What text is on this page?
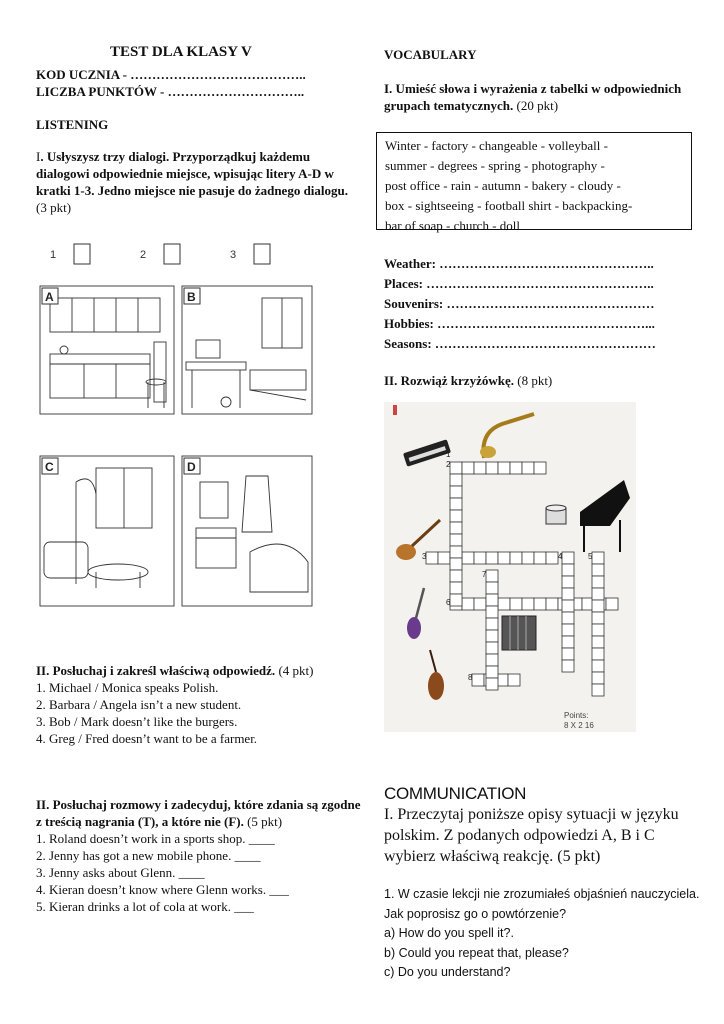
TEST DLA KLASY V
KOD UCZNIA - …………………………………..
LICZBA PUNKTÓW - …………………………..
LISTENING
I. Usłyszysz trzy dialogi. Przyporządkuj każdemu dialogowi odpowiednie miejsce, wpisując litery A-D w kratki 1-3. Jedno miejsce nie pasuje do żadnego dialogu. (3 pkt)
1	2	3
A	B
C	D
II. Posłuchaj i zakreśl właściwą odpowiedź. (4 pkt)
1. Michael / Monica speaks Polish.
2. Barbara / Angela isn’t a new student.
3. Bob / Mark doesn’t like the burgers.
4. Greg / Fred doesn’t want to be a farmer.
II. Posłuchaj rozmowy i zadecyduj, które zdania są zgodne z treścią nagrania (T), a które nie (F). (5 pkt)
1. Roland doesn’t work in a sports shop. ____
2. Jenny has got a new mobile phone. ____
3. Jenny asks about Glenn. ____
4. Kieran doesn’t know where Glenn works. ___
5. Kieran drinks a lot of cola at work. ___
VOCABULARY
I. Umieść słowa i wyrażenia z tabelki w odpowiednich grupach tematycznych. (20 pkt)
Winter - factory - changeable - volleyball -
summer - degrees - spring - photography -
post office - rain - autumn - bakery - cloudy -
box - sightseeing - football shirt - backpacking-
bar of soap - church - doll
Weather: …………………………………………..
Places: ……………………………………………..
Souvenirs: …………………………………………
Hobbies: …………………………………………...
Seasons: ……………………………………………
II. Rozwiąż krzyżówkę. (8 pkt)
1
2
3	4	5
6
7
8
Points:
8 X 2 16
COMMUNICATION
I. Przeczytaj poniższe opisy sytuacji w języku polskim. Z podanych odpowiedzi A, B i C wybierz właściwą reakcję. (5 pkt)
1. W czasie lekcji nie zrozumiałeś objaśnień nauczyciela. Jak poprosisz go o powtórzenie?
a) How do you spell it?.
b) Could you repeat that, please?
c) Do you understand?
